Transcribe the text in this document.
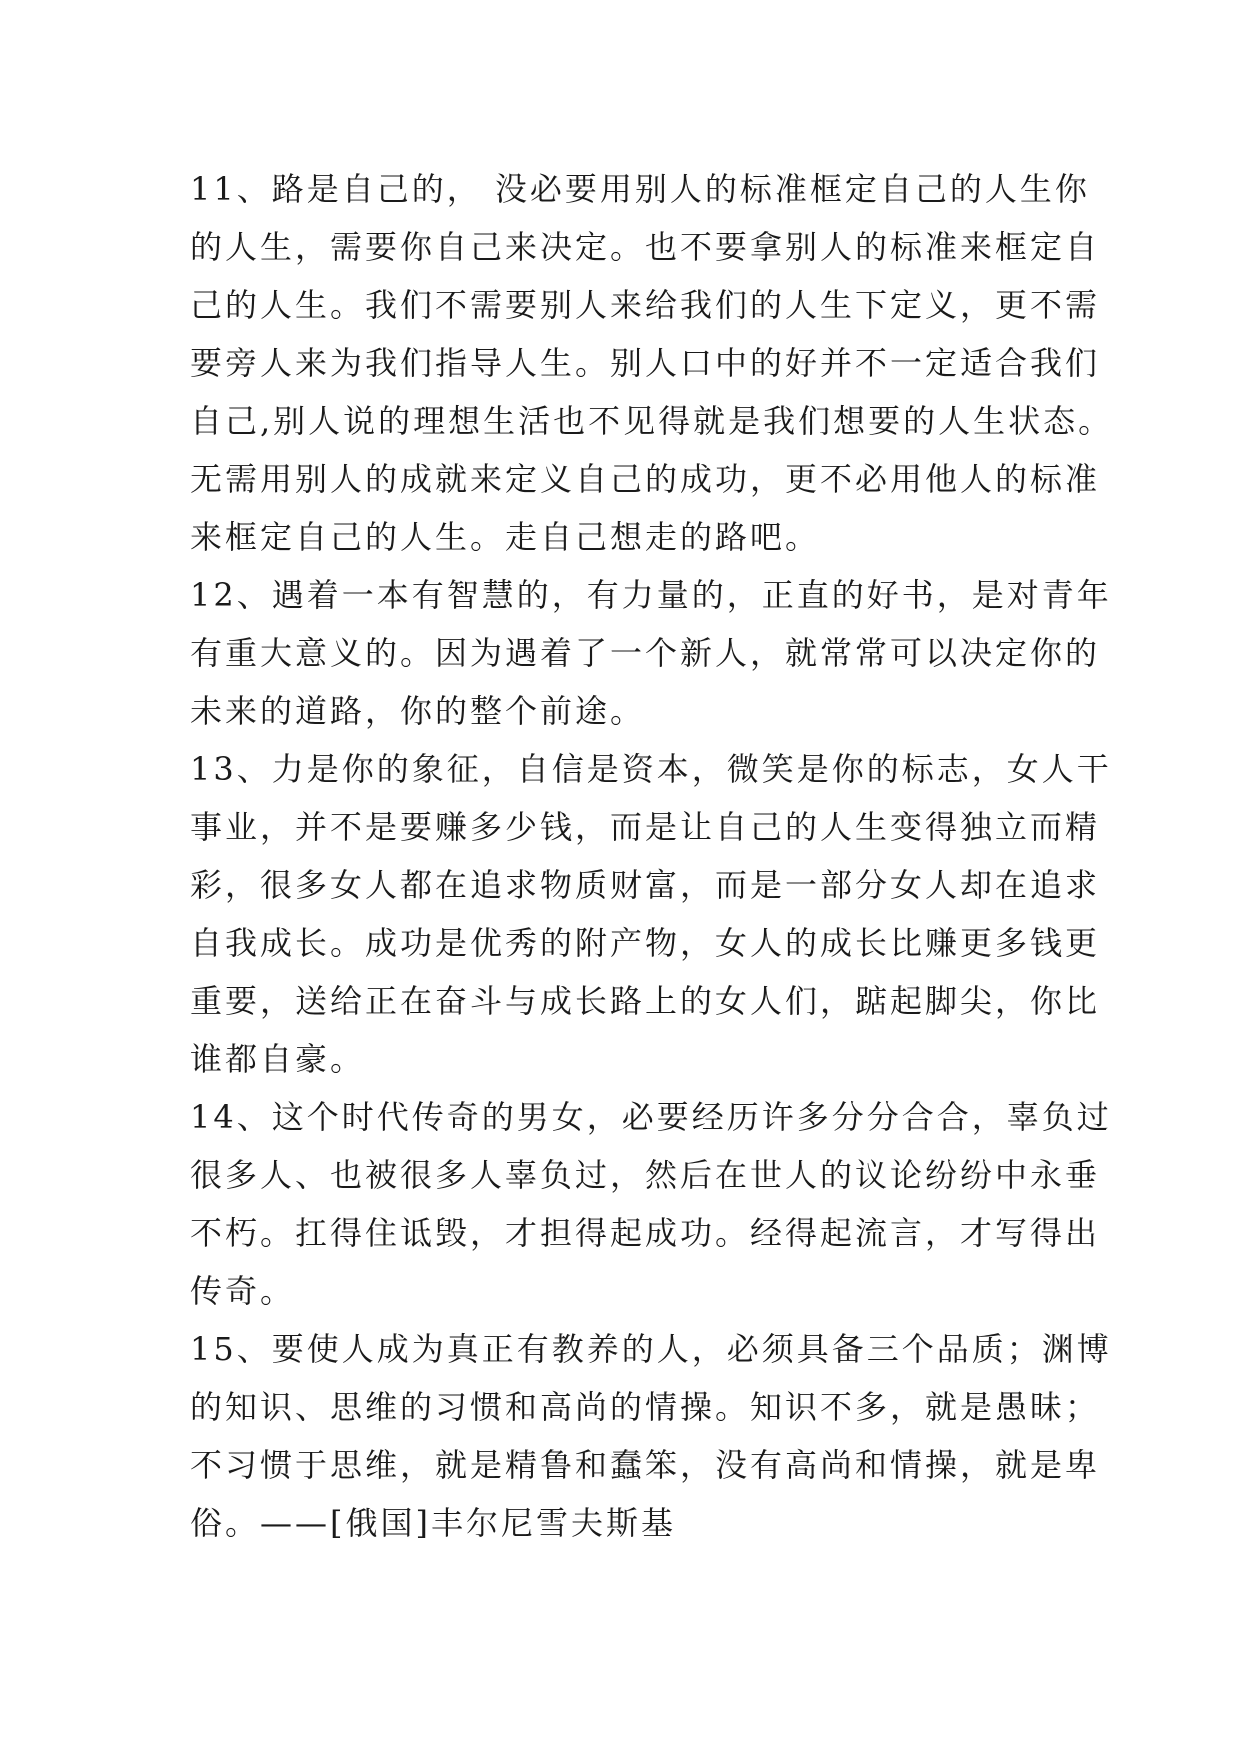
11、路是自己的， 没必要用别人的标准框定自己的人生你
的人生，需要你自己来决定。也不要拿别人的标准来框定自
己的人生。我们不需要别人来给我们的人生下定义，更不需
要旁人来为我们指导人生。别人口中的好并不一定适合我们
自己,别人说的理想生活也不见得就是我们想要的人生状态。
无需用别人的成就来定义自己的成功，更不必用他人的标准
来框定自己的人生。走自己想走的路吧。
12、遇着一本有智慧的，有力量的，正直的好书，是对青年
有重大意义的。因为遇着了一个新人，就常常可以决定你的
未来的道路，你的整个前途。
13、力是你的象征，自信是资本，微笑是你的标志，女人干
事业，并不是要赚多少钱，而是让自己的人生变得独立而精
彩，很多女人都在追求物质财富，而是一部分女人却在追求
自我成长。成功是优秀的附产物，女人的成长比赚更多钱更
重要，送给正在奋斗与成长路上的女人们，踮起脚尖，你比
谁都自豪。
14、这个时代传奇的男女，必要经历许多分分合合，辜负过
很多人、也被很多人辜负过，然后在世人的议论纷纷中永垂
不朽。扛得住诋毁，才担得起成功。经得起流言，才写得出
传奇。
15、要使人成为真正有教养的人，必须具备三个品质；渊博
的知识、思维的习惯和高尚的情操。知识不多，就是愚昧；
不习惯于思维，就是精鲁和蠢笨，没有高尚和情操，就是卑
俗。——[俄国]丰尔尼雪夫斯基
